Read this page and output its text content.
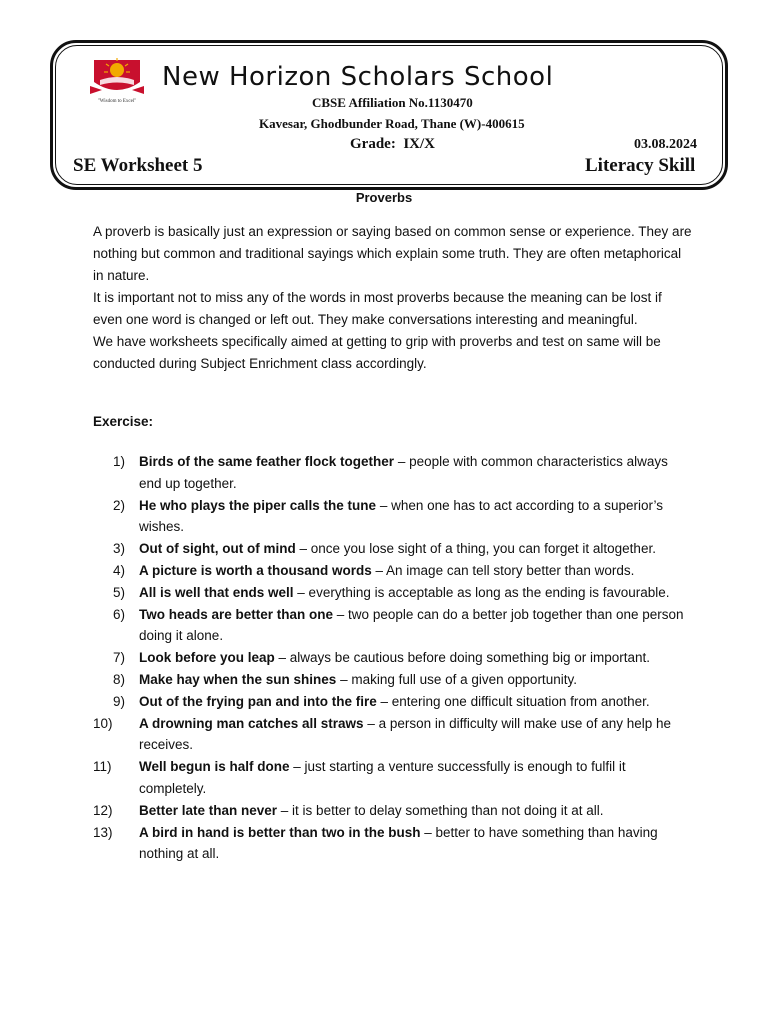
"Wisdom to Excel"
New Horizon Scholars School
CBSE Affiliation No.1130470
Kavesar, Ghodbunder Road, Thane (W)-400615
Grade:  IX/X	03.08.2024
SE Worksheet 5	Literacy Skill
Proverbs

A proverb is basically just an expression or saying based on common sense or experience. They are nothing but common and traditional sayings which explain some truth. They are often metaphorical in nature.

It is important not to miss any of the words in most proverbs because the meaning can be lost if even one word is changed or left out. They make conversations interesting and meaningful.

We have worksheets specifically aimed at getting to grip with proverbs and test on same will be conducted during Subject Enrichment class accordingly.

Exercise:
1) Birds of the same feather flock together – people with common characteristics always end up together.
2) He who plays the piper calls the tune – when one has to act according to a superior’s wishes.
3) Out of sight, out of mind – once you lose sight of a thing, you can forget it altogether.
4) A picture is worth a thousand words – An image can tell story better than words.
5) All is well that ends well – everything is acceptable as long as the ending is favourable.
6) Two heads are better than one – two people can do a better job together than one person doing it alone.
7) Look before you leap – always be cautious before doing something big or important.
8) Make hay when the sun shines – making full use of a given opportunity.
9) Out of the frying pan and into the fire – entering one difficult situation from another.
10) A drowning man catches all straws – a person in difficulty will make use of any help he receives.
11) Well begun is half done – just starting a venture successfully is enough to fulfil it completely.
12) Better late than never – it is better to delay something than not doing it at all.
13) A bird in hand is better than two in the bush – better to have something than having nothing at all.
